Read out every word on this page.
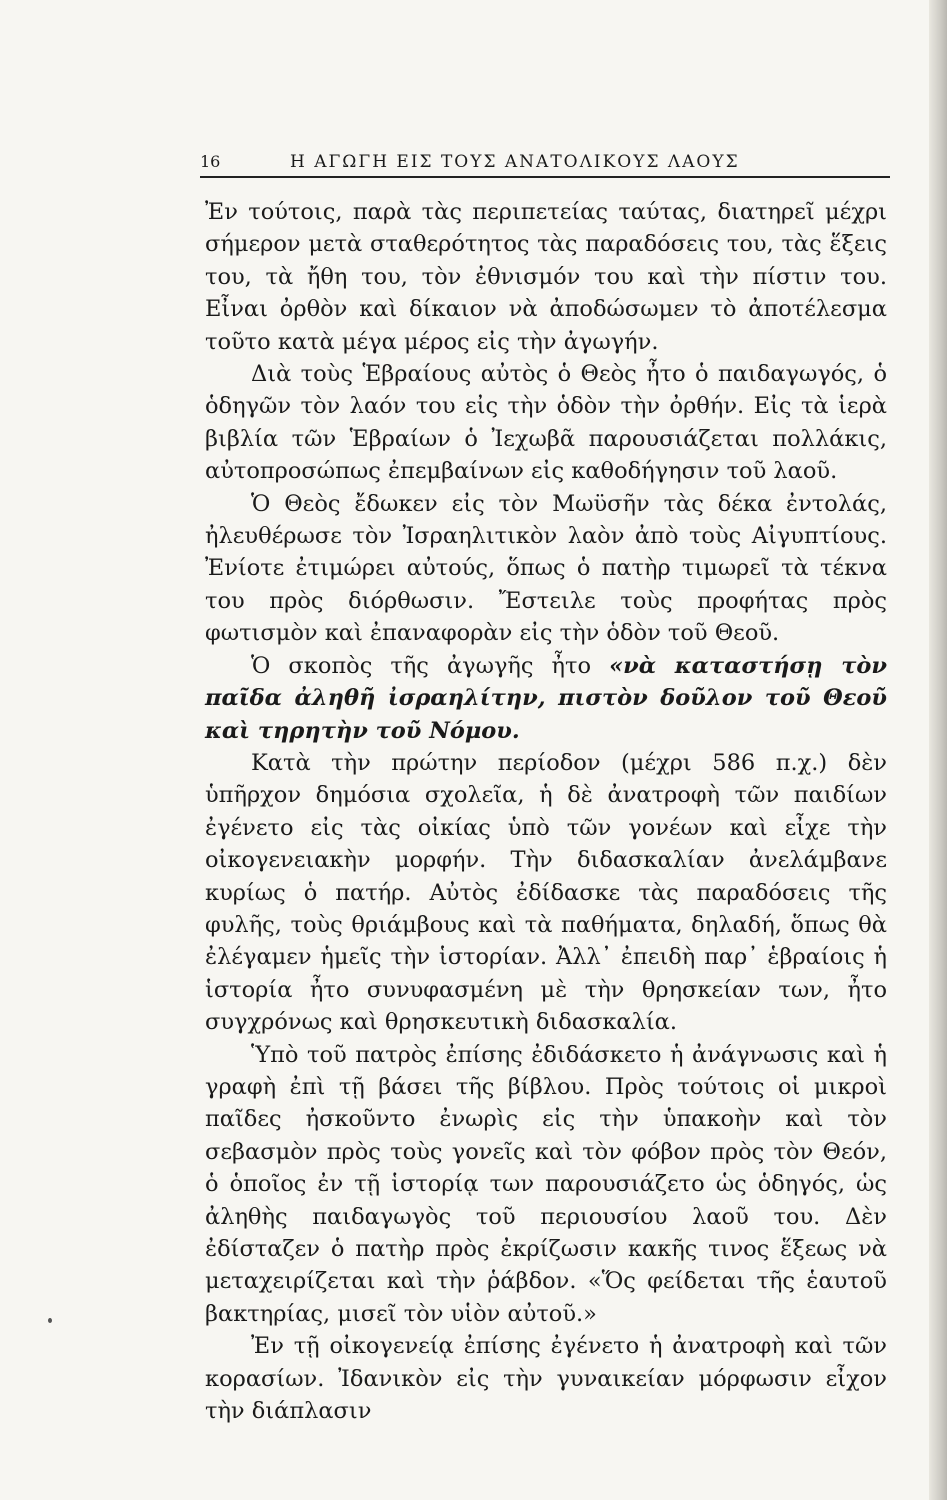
16	Η ΑΓΩΓΗ ΕΙΣ ΤΟΥΣ ΑΝΑΤΟΛΙΚΟΥΣ ΛΑΟΥΣ

Ἐν τούτοις, παρὰ τὰς περιπετείας ταύτας, διατηρεῖ μέχρι σήμερον μετὰ σταθερότητος τὰς παραδόσεις του, τὰς ἕξεις του, τὰ ἤθη του, τὸν ἐθνισμόν του καὶ τὴν πίστιν του. Εἶναι ὀρθὸν καὶ δίκαιον νὰ ἀποδώσωμεν τὸ ἀποτέλεσμα τοῦτο κατὰ μέγα μέρος εἰς τὴν ἀγωγήν.

Διὰ τοὺς Ἑβραίους αὐτὸς ὁ Θεὸς ἦτο ὁ παιδαγωγός, ὁ ὁδηγῶν τὸν λαόν του εἰς τὴν ὁδὸν τὴν ὀρθήν. Εἰς τὰ ἱερὰ βιβλία τῶν Ἑβραίων ὁ Ἰεχωβᾶ παρουσιάζεται πολλάκις, αὐτοπροσώπως ἐπεμβαίνων εἰς καθοδήγησιν τοῦ λαοῦ.

Ὁ Θεὸς ἔδωκεν εἰς τὸν Μωϋσῆν τὰς δέκα ἐντολάς, ἠλευθέρωσε τὸν Ἰσραηλιτικὸν λαὸν ἀπὸ τοὺς Αἰγυπτίους. Ἐνίοτε ἐτιμώρει αὐτούς, ὅπως ὁ πατὴρ τιμωρεῖ τὰ τέκνα του πρὸς διόρθωσιν. Ἔστειλε τοὺς προφήτας πρὸς φωτισμὸν καὶ ἐπαναφορὰν εἰς τὴν ὁδὸν τοῦ Θεοῦ.

Ὁ σκοπὸς τῆς ἀγωγῆς ἦτο «νὰ καταστήσῃ τὸν παῖδα ἀληθῆ ἰσραηλίτην, πιστὸν δοῦλον τοῦ Θεοῦ καὶ τηρητὴν τοῦ Νόμου.

Κατὰ τὴν πρώτην περίοδον (μέχρι 586 π.χ.) δὲν ὑπῆρχον δημόσια σχολεῖα, ἡ δὲ ἀνατροφὴ τῶν παιδίων ἐγένετο εἰς τὰς οἰκίας ὑπὸ τῶν γονέων καὶ εἶχε τὴν οἰκογενειακὴν μορφήν. Τὴν διδασκαλίαν ἀνελάμβανε κυρίως ὁ πατήρ. Αὐτὸς ἐδίδασκε τὰς παραδόσεις τῆς φυλῆς, τοὺς θριάμβους καὶ τὰ παθήματα, δηλαδή, ὅπως θὰ ἐλέγαμεν ἡμεῖς τὴν ἱστορίαν. Ἀλλ᾿ ἐπειδὴ παρ᾿ ἑβραίοις ἡ ἱστορία ἦτο συνυφασμένη μὲ τὴν θρησκείαν των, ἦτο συγχρόνως καὶ θρησκευτικὴ διδασκαλία.

Ὑπὸ τοῦ πατρὸς ἐπίσης ἐδιδάσκετο ἡ ἀνάγνωσις καὶ ἡ γραφὴ ἐπὶ τῇ βάσει τῆς βίβλου. Πρὸς τούτοις οἱ μικροὶ παῖδες ἠσκοῦντο ἐνωρὶς εἰς τὴν ὑπακοὴν καὶ τὸν σεβασμὸν πρὸς τοὺς γονεῖς καὶ τὸν φόβον πρὸς τὸν Θεόν, ὁ ὁποῖος ἐν τῇ ἱστορίᾳ των παρουσιάζετο ὡς ὁδηγός, ὡς ἀληθὴς παιδαγωγὸς τοῦ περιουσίου λαοῦ του. Δὲν ἐδίσταζεν ὁ πατὴρ πρὸς ἐκρίζωσιν κακῆς τινος ἕξεως νὰ μεταχειρίζεται καὶ τὴν ῥάβδον. «Ὅς φείδεται τῆς ἑαυτοῦ βακτηρίας, μισεῖ τὸν υἱὸν αὐτοῦ.»

Ἐν τῇ οἰκογενείᾳ ἐπίσης ἐγένετο ἡ ἀνατροφὴ καὶ τῶν κορασίων. Ἰδανικὸν εἰς τὴν γυναικείαν μόρφωσιν εἶχον τὴν διάπλασιν
